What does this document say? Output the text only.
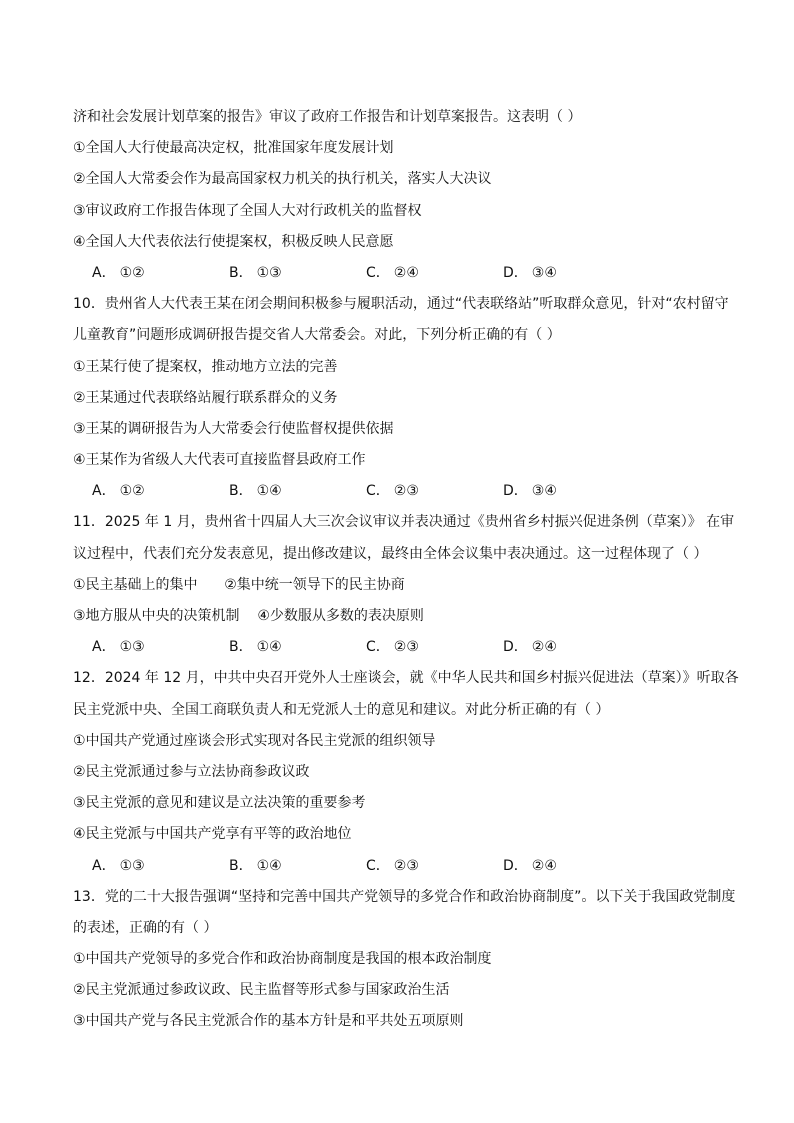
济和社会发展计划草案的报告》审议了政府工作报告和计划草案报告。这表明（ ）
①全国人大行使最高决定权，批准国家年度发展计划
②全国人大常委会作为最高国家权力机关的执行机关，落实人大决议
③审议政府工作报告体现了全国人大对行政机关的监督权
④全国人大代表依法行使提案权，积极反映人民意愿
A． ①②	B． ①③	C． ②④	D． ③④
10．贵州省人大代表王某在闭会期间积极参与履职活动，通过“代表联络站”听取群众意见，针对“农村留守
儿童教育”问题形成调研报告提交省人大常委会。对此，下列分析正确的有（ ）
①王某行使了提案权，推动地方立法的完善
②王某通过代表联络站履行联系群众的义务
③王某的调研报告为人大常委会行使监督权提供依据
④王某作为省级人大代表可直接监督县政府工作
A． ①②	B． ①④	C． ②③	D． ③④
11．2025 年 1 月，贵州省十四届人大三次会议审议并表决通过《贵州省乡村振兴促进条例（草案）》 在审
议过程中，代表们充分发表意见，提出修改建议，最终由全体会议集中表决通过。这一过程体现了（ ）
①民主基础上的集中      ②集中统一领导下的民主协商
③地方服从中央的决策机制    ④少数服从多数的表决原则
A． ①③	B． ①④	C． ②③	D． ②④
12．2024 年 12 月，中共中央召开党外人士座谈会，就《中华人民共和国乡村振兴促进法（草案）》听取各
民主党派中央、全国工商联负责人和无党派人士的意见和建议。对此分析正确的有（ ）
①中国共产党通过座谈会形式实现对各民主党派的组织领导
②民主党派通过参与立法协商参政议政
③民主党派的意见和建议是立法决策的重要参考
④民主党派与中国共产党享有平等的政治地位
A． ①③	B． ①④	C． ②③	D． ②④
13．党的二十大报告强调“坚持和完善中国共产党领导的多党合作和政治协商制度”。以下关于我国政党制度
的表述，正确的有（ ）
①中国共产党领导的多党合作和政治协商制度是我国的根本政治制度
②民主党派通过参政议政、民主监督等形式参与国家政治生活
③中国共产党与各民主党派合作的基本方针是和平共处五项原则
